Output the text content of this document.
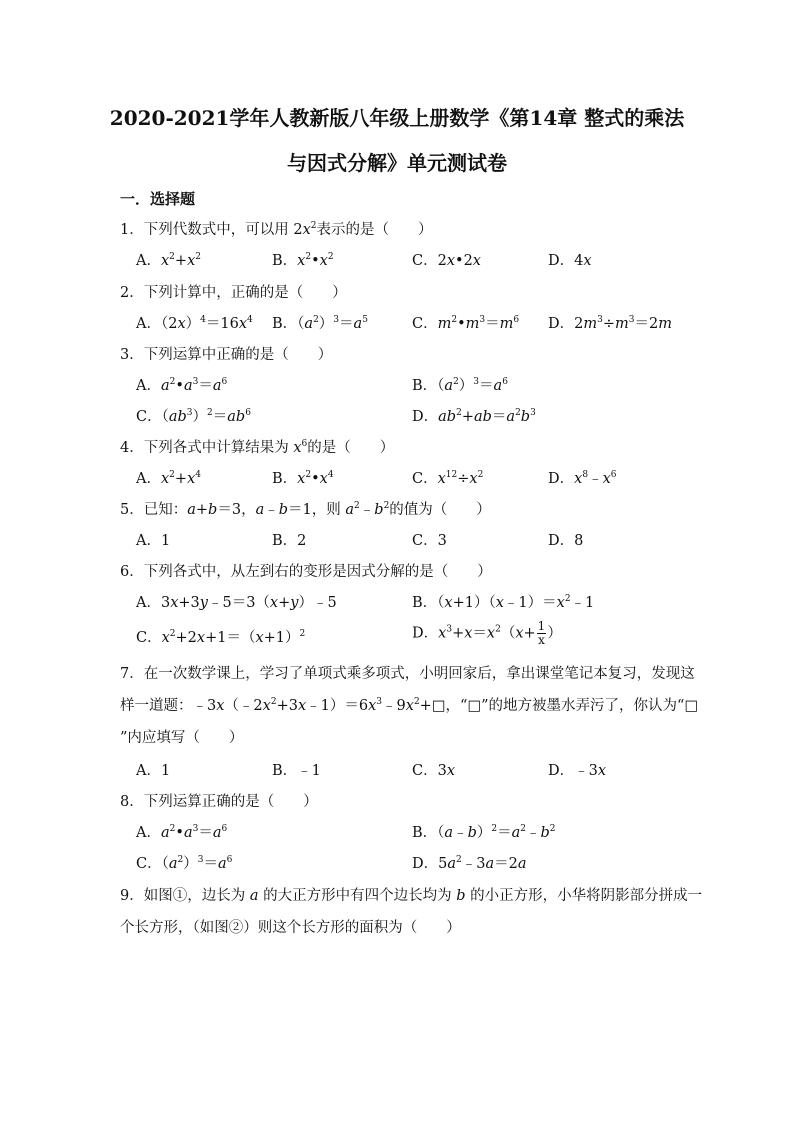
2020-2021学年人教新版八年级上册数学《第14章 整式的乘法
与因式分解》单元测试卷
一．选择题
1．下列代数式中，可以用 $2x^2$表示的是（　　）
A．$x^2+x^2$	B．$x^2•x^2$	C．2x•2x	D．4x
2．下列计算中，正确的是（　　）
A．$(2x)^4=16x^4$ B．$(a^2)^3=a^5$	C．$m^2•m^3=m^6$ D．$2m^3\div m^3=2m$
3．下列运算中正确的是（　　）
A．$a^2•a^3=a^6$	B．$(a^2)^3=a^6$
C．$(ab^3)^2=ab^6$	D．$ab^2+ab=a^2b^3$
4．下列各式中计算结果为 $x^6$的是（　　）
A．$x^2+x^4$	B．$x^2•x^4$	C．$x^{12}\div x^2$	D．$x^8﹣x^6$
5．已知：a+b＝3，a﹣b＝1，则 $a^2﹣b^2$的值为（　　）
A．1	B．2	C．3	D．8
6．下列各式中，从左到右的变形是因式分解的是（　　）
A．3x+3y﹣5＝3（x+y）﹣5	B．$(x+1)(x﹣1)=x^2﹣1$
C．$x^2+2x+1=(x+1)^2$	D．$x^3+x=x^2(x+ \frac{1}{x}$ ）
7．在一次数学课上，学习了单项式乘多项式，小明回家后，拿出课堂笔记本复习，发现这
样一道题：$﹣3x(﹣2x^2+3x﹣1)=6x^3﹣9x^2+□$，“□”的地方被墨水弄污了，你认为“□
”内应填写（　　）
A．1	B．﹣1	C．3x	D．﹣3x
8．下列运算正确的是（　　）
A．$a^2•a^3=a^6$	B．$(a﹣b)^2=a^2﹣b^2$
C．$(a^2)^3=a^6$	D．$5a^2﹣3a=2a$
9．如图①，边长为 a 的大正方形中有四个边长均为 b 的小正方形，小华将阴影部分拼成一
个长方形，（如图②）则这个长方形的面积为（　　）
